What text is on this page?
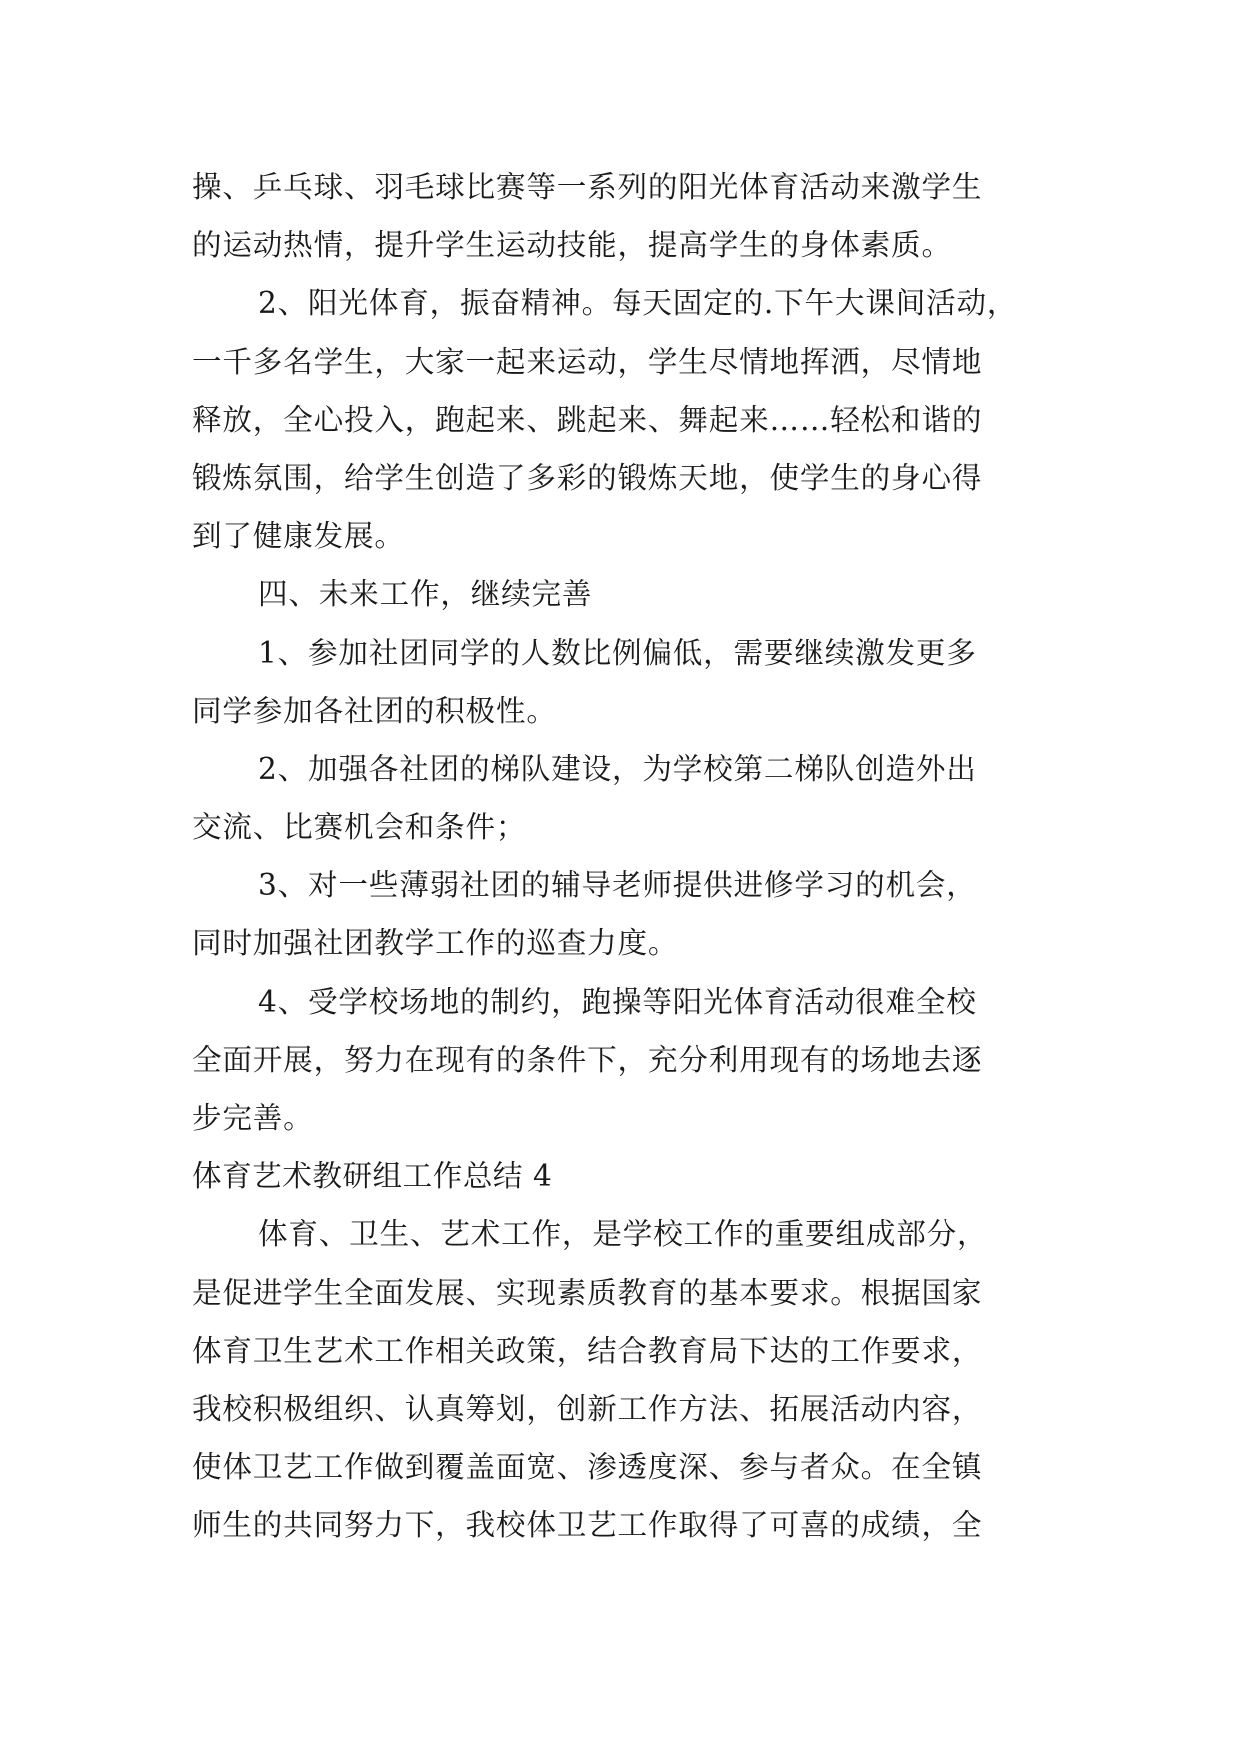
操、乒乓球、羽毛球比赛等一系列的阳光体育活动来激学生
的运动热情，提升学生运动技能，提高学生的身体素质。
2、阳光体育，振奋精神。每天固定的.下午大课间活动，
一千多名学生，大家一起来运动，学生尽情地挥洒，尽情地
释放，全心投入，跑起来、跳起来、舞起来……轻松和谐的
锻炼氛围，给学生创造了多彩的锻炼天地，使学生的身心得
到了健康发展。
四、未来工作，继续完善
1、参加社团同学的人数比例偏低，需要继续激发更多
同学参加各社团的积极性。
2、加强各社团的梯队建设，为学校第二梯队创造外出
交流、比赛机会和条件；
3、对一些薄弱社团的辅导老师提供进修学习的机会，
同时加强社团教学工作的巡查力度。
4、受学校场地的制约，跑操等阳光体育活动很难全校
全面开展，努力在现有的条件下，充分利用现有的场地去逐
步完善。
体育艺术教研组工作总结 4
体育、卫生、艺术工作，是学校工作的重要组成部分，
是促进学生全面发展、实现素质教育的基本要求。根据国家
体育卫生艺术工作相关政策，结合教育局下达的工作要求，
我校积极组织、认真筹划，创新工作方法、拓展活动内容，
使体卫艺工作做到覆盖面宽、渗透度深、参与者众。在全镇
师生的共同努力下，我校体卫艺工作取得了可喜的成绩，全
